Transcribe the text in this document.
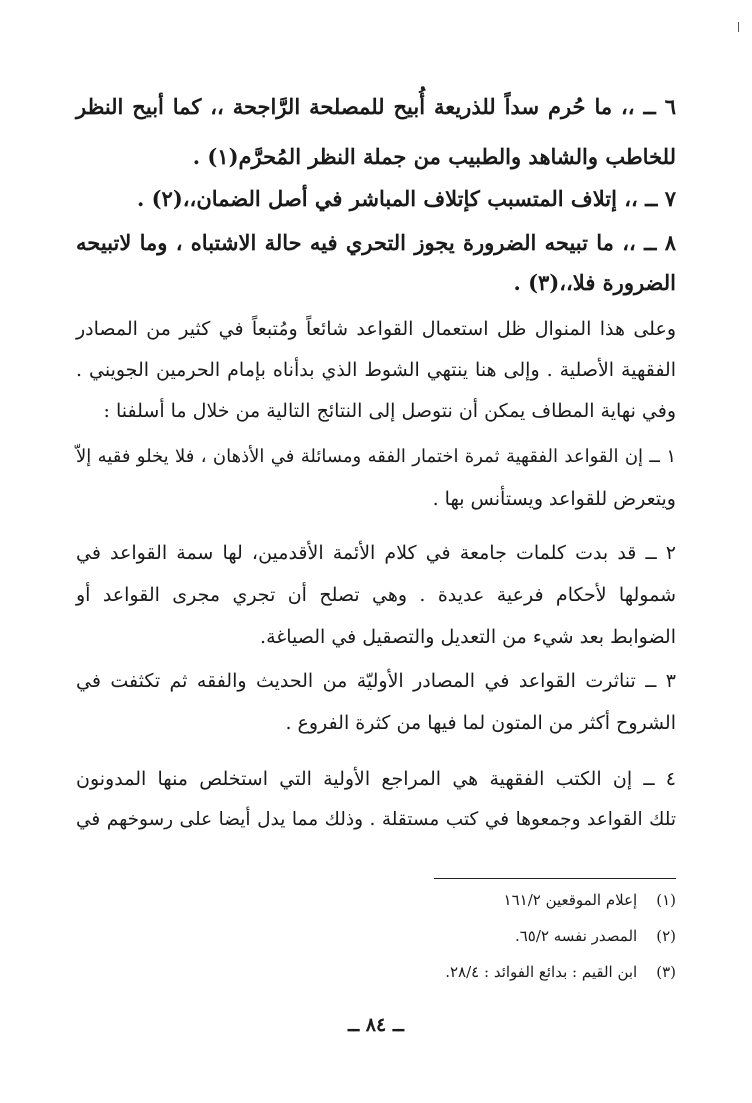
٦ ــ ،، ما حُرم سداً للذريعة أُبيح للمصلحة الرَّاجحة ،، كما أبيح النظر
للخاطب والشاهد والطبيب من جملة النظر المُحرَّم(١) .
٧ ــ ،، إتلاف المتسبب كإتلاف المباشر في أصل الضمان،،(٢) .
٨ ــ ،، ما تبيحه الضرورة يجوز التحري فيه حالة الاشتباه ، وما لاتبيحه
الضرورة فلا،،(٣) .
وعلى هذا المنوال ظل استعمال القواعد شائعاً ومُتبعاً في كثير من المصادر
الفقهية الأصلية . وإلى هنا ينتهي الشوط الذي بدأناه بإمام الحرمين الجويني .
وفي نهاية المطاف يمكن أن نتوصل إلى النتائج التالية من خلال ما أسلفنا :
١ ــ إن القواعد الفقهية ثمرة اختمار الفقه ومسائلة في الأذهان ، فلا يخلو فقيه إلاّ
ويتعرض للقواعد ويستأنس بها .
٢ ــ قد بدت كلمات جامعة في كلام الأئمة الأقدمين، لها سمة القواعد في
شمولها لأحكام فرعية عديدة . وهي تصلح أن تجري مجرى القواعد أو
الضوابط بعد شيء من التعديل والتصقيل في الصياغة.
٣ ــ تناثرت القواعد في المصادر الأوليّة من الحديث والفقه ثم تكثفت في
الشروح أكثر من المتون لما فيها من كثرة الفروع .
٤ ــ إن الكتب الفقهية هي المراجع الأولية التي استخلص منها المدونون
تلك القواعد وجمعوها في كتب مستقلة . وذلك مما يدل أيضا على رسوخهم في
(١) إعلام الموقعين ١٦١/٢
(٢) المصدر نفسه ٦٥/٢.
(٣) ابن القيم : بدائع الفوائد : ٢٨/٤.
ــ ٨٤ ــ
